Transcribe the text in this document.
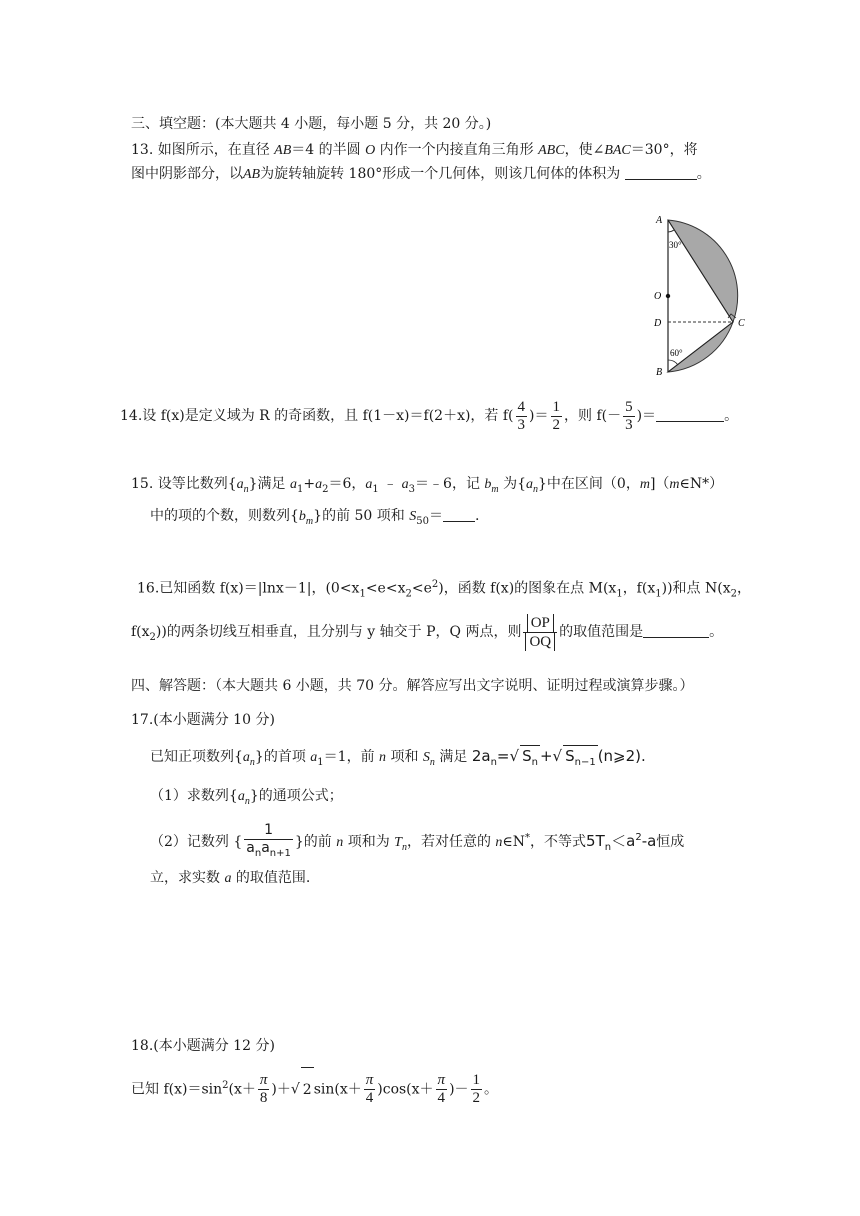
三、填空题：(本大题共 4 小题，每小题 5 分，共 20 分。)
13. 如图所示，在直径 AB＝4 的半圆 O 内作一个内接直角三角形 ABC，使∠BAC＝30°，将
图中阴影部分，以AB为旋转轴旋转 180°形成一个几何体，则该几何体的体积为	。
A
30°
O
D	C
60°
B
14.设 f(x)是定义域为 R 的奇函数，且 f(1－x)＝f(2＋x)，若 $f( \frac{4}{3}$ )＝ $\frac{1}{2}$ ，则 $f(- \frac{5}{3}$ )＝	。
15. 设等比数列$\{a_n\}$满足 $a_1+a_2=6$，$a_1$ ﹣ $a_3=﹣6$，记 $b_m$ 为$\{a_n\}$中在区间（0，m]（m∈N*）
中的项的个数，则数列$\{b_m\}$的前 50 项和 $S_{50}=$ .
16.已知函数 f(x)＝|lnx－1|，$(0<x_1<e<x_2<e^2)$，函数 f(x)的图象在点 $M(x_1$，$f(x_1)$)和点 $N(x_2$，
$f(x_2)$)的两条切线互相垂直，且分别与 y 轴交于 P，Q 两点，则 $\frac{OP}{OQ}$ 的取值范围是	。
四、解答题：（本大题共 6 小题，共 70 分。解答应写出文字说明、证明过程或演算步骤。）
17.(本小题满分 10 分)
已知正项数列$\{a_n\}$的首项 $a_1=1$，前 n 项和 $S_n$ 满足 $2a_n=√$ $S_n$ +√ $S_{n-1}$ (n⩾2).
（1）求数列$\{a_n\}$的通项公式；
（2）记数列 { $\frac{1}{a_na_{n+1}}$ }的前 n 项和为 $T_n$，若对任意的 n∈N*，不等式$5T_n<a^2-a$恒成
立，求实数 a 的取值范围.
18.(本小题满分 12 分)
已知 $f(x)=\sin^2(x+ \frac{\pi}{8}$ )＋√ 2 $\sin(x+ \frac{\pi}{4} )\cos(x+ \frac{\pi}{4}$ )－ $\frac{1}{2}$ 。
